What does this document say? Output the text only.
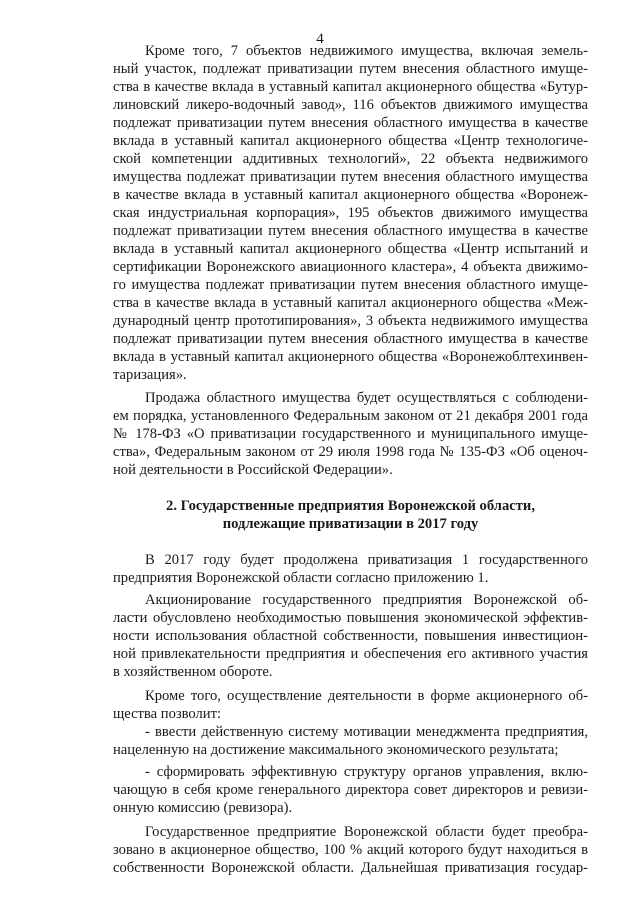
4
Кроме того, 7 объектов недвижимого имущества, включая земель-
ный участок, подлежат приватизации путем внесения областного имуще-
ства в качестве вклада в уставный капитал акционерного общества «Бутур-
линовский ликеро-водочный завод», 116 объектов движимого имущества
подлежат приватизации путем внесения областного имущества в качестве
вклада в уставный капитал акционерного общества «Центр технологиче-
ской компетенции аддитивных технологий», 22 объекта недвижимого
имущества подлежат приватизации путем внесения областного имущества
в качестве вклада в уставный капитал акционерного общества «Воронеж-
ская индустриальная корпорация», 195 объектов движимого имущества
подлежат приватизации путем внесения областного имущества в качестве
вклада в уставный капитал акционерного общества «Центр испытаний и
сертификации Воронежского авиационного кластера», 4 объекта движимо-
го имущества подлежат приватизации путем внесения областного имуще-
ства в качестве вклада в уставный капитал акционерного общества «Меж-
дународный центр прототипирования», 3 объекта недвижимого имущества
подлежат приватизации путем внесения областного имущества в качестве
вклада в уставный капитал акционерного общества «Воронежоблтехинвен-
таризация».
Продажа областного имущества будет осуществляться с соблюдени-
ем порядка, установленного Федеральным законом от 21 декабря 2001 года
№ 178-ФЗ «О приватизации государственного и муниципального имуще-
ства», Федеральным законом от 29 июля 1998 года № 135-ФЗ «Об оценоч-
ной деятельности в Российской Федерации».
2. Государственные предприятия Воронежской области,
подлежащие приватизации в 2017 году
В 2017 году будет продолжена приватизация 1 государственного
предприятия Воронежской области согласно приложению 1.
Акционирование государственного предприятия Воронежской об-
ласти обусловлено необходимостью повышения экономической эффектив-
ности использования областной собственности, повышения инвестицион-
ной привлекательности предприятия и обеспечения его активного участия
в хозяйственном обороте.
Кроме того, осуществление деятельности в форме акционерного об-
щества позволит:
- ввести действенную систему мотивации менеджмента предприятия,
нацеленную на достижение максимального экономического результата;
- сформировать эффективную структуру органов управления, вклю-
чающую в себя кроме генерального директора совет директоров и ревизи-
онную комиссию (ревизора).
Государственное предприятие Воронежской области будет преобра-
зовано в акционерное общество, 100 % акций которого будут находиться в
собственности Воронежской области. Дальнейшая приватизация государ-
